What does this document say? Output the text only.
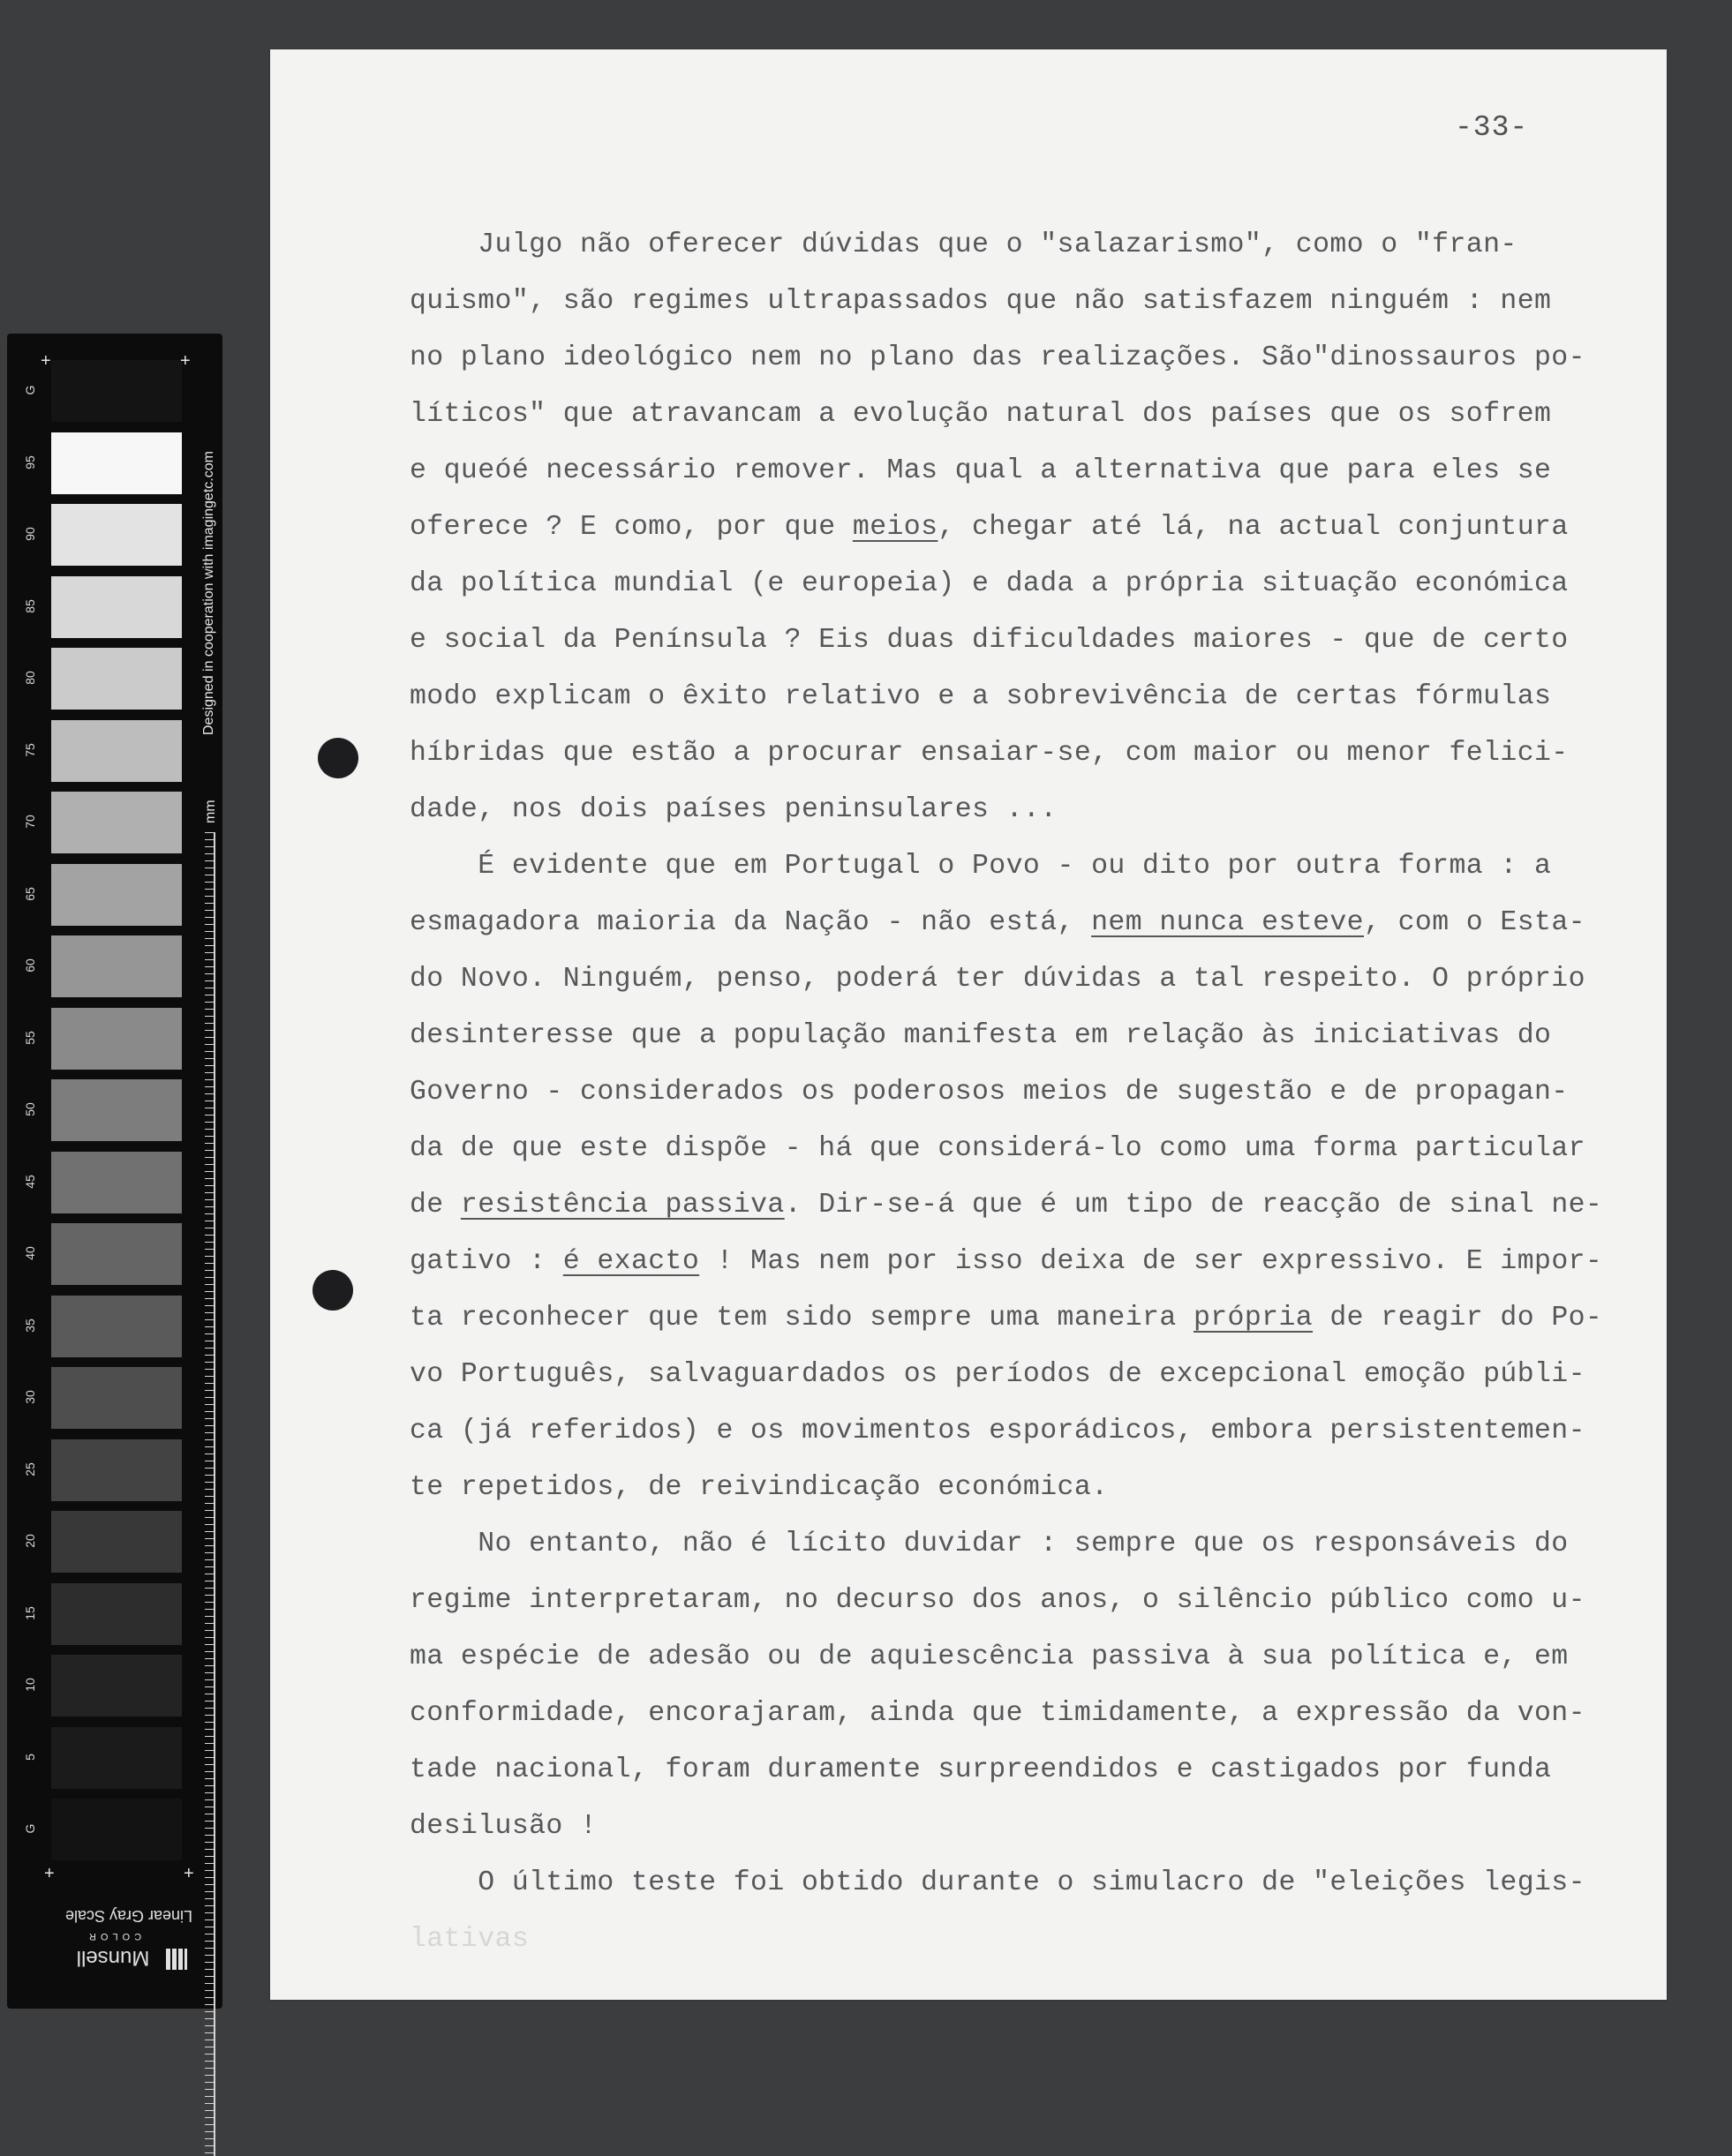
+	+
+	+
Designed in cooperation with imagingetc.com
mm
Linear Gray Scale
COLOR
Munsell
G
95
90
85
80
75
70
65
60
55
50
45
40
35
30
25
20
15
10
5
G
-33-
Julgo não oferecer dúvidas que o "salazarismo", como o "fran-
quismo", são regimes ultrapassados que não satisfazem ninguém : nem
no plano ideológico nem no plano das realizações. São"dinossauros po-
líticos" que atravancam a evolução natural dos países que os sofrem
e queóé necessário remover. Mas qual a alternativa que para eles se
oferece ? E como, por que meios, chegar até lá, na actual conjuntura
da política mundial (e europeia) e dada a própria situação económica
e social da Península ? Eis duas dificuldades maiores - que de certo
modo explicam o êxito relativo e a sobrevivência de certas fórmulas
híbridas que estão a procurar ensaiar-se, com maior ou menor felici-
dade, nos dois países peninsulares ...
É evidente que em Portugal o Povo - ou dito por outra forma : a
esmagadora maioria da Nação - não está, nem nunca esteve, com o Esta-
do Novo. Ninguém, penso, poderá ter dúvidas a tal respeito. O próprio
desinteresse que a população manifesta em relação às iniciativas do
Governo - considerados os poderosos meios de sugestão e de propagan-
da de que este dispõe - há que considerá-lo como uma forma particular
de resistência passiva. Dir-se-á que é um tipo de reacção de sinal ne-
gativo : é exacto ! Mas nem por isso deixa de ser expressivo. E impor-
ta reconhecer que tem sido sempre uma maneira própria de reagir do Po-
vo Português, salvaguardados os períodos de excepcional emoção públi-
ca (já referidos) e os movimentos esporádicos, embora persistentemen-
te repetidos, de reivindicação económica.
No entanto, não é lícito duvidar : sempre que os responsáveis do
regime interpretaram, no decurso dos anos, o silêncio público como u-
ma espécie de adesão ou de aquiescência passiva à sua política e, em
conformidade, encorajaram, ainda que timidamente, a expressão da von-
tade nacional, foram duramente surpreendidos e castigados por funda
desilusão !
O último teste foi obtido durante o simulacro de "eleições legis-
lativas
